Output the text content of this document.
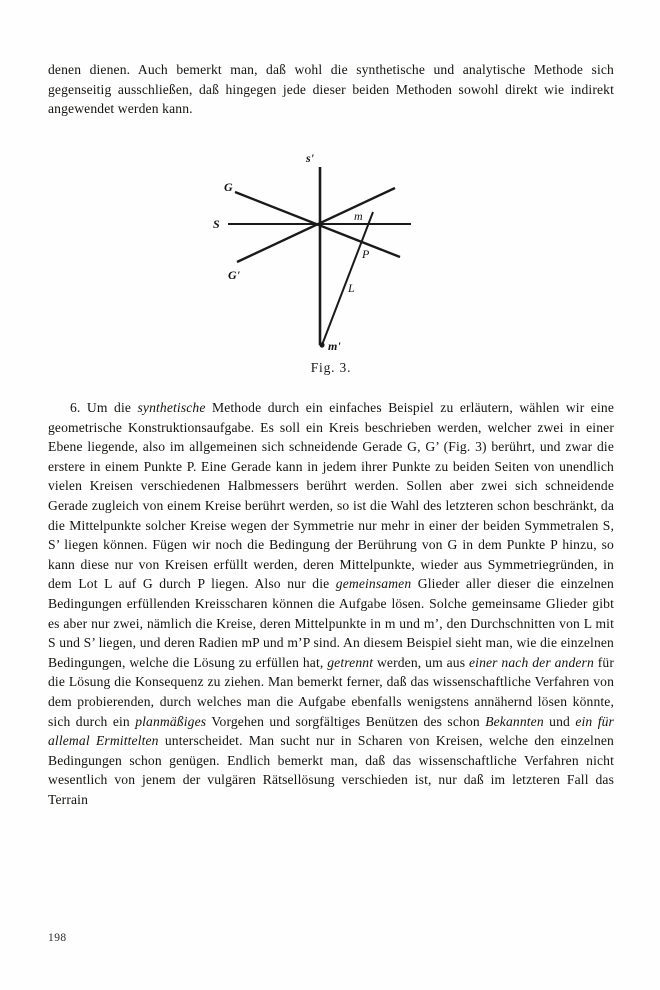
denen dienen. Auch bemerkt man, daß wohl die synthetische und analytische Methode sich gegenseitig ausschließen, daß hingegen jede dieser beiden Methoden sowohl direkt wie indirekt angewendet werden kann.

s'
G
S
G'
m
P
L
m'
Fig. 3.

6. Um die synthetische Methode durch ein einfaches Beispiel zu erläutern, wählen wir eine geometrische Konstruktionsaufgabe. Es soll ein Kreis beschrieben werden, welcher zwei in einer Ebene liegende, also im allgemeinen sich schneidende Gerade G, G’ (Fig. 3) berührt, und zwar die erstere in einem Punkte P. Eine Gerade kann in jedem ihrer Punkte zu beiden Seiten von unendlich vielen Kreisen verschiedenen Halbmessers berührt werden. Sollen aber zwei sich schneidende Gerade zugleich von einem Kreise berührt werden, so ist die Wahl des letzteren schon beschränkt, da die Mittelpunkte solcher Kreise wegen der Symmetrie nur mehr in einer der beiden Symmetralen S, S’ liegen können. Fügen wir noch die Bedingung der Berührung von G in dem Punkte P hinzu, so kann diese nur von Kreisen erfüllt werden, deren Mittelpunkte, wieder aus Symmetriegründen, in dem Lot L auf G durch P liegen. Also nur die gemeinsamen Glieder aller dieser die einzelnen Bedingungen erfüllenden Kreisscharen können die Aufgabe lösen. Solche gemeinsame Glieder gibt es aber nur zwei, nämlich die Kreise, deren Mittelpunkte in m und m’, den Durchschnitten von L mit S und S’ liegen, und deren Radien mP und m’P sind. An diesem Beispiel sieht man, wie die einzelnen Bedingungen, welche die Lösung zu erfüllen hat, getrennt werden, um aus einer nach der andern für die Lösung die Konsequenz zu ziehen. Man bemerkt ferner, daß das wissenschaftliche Verfahren von dem probierenden, durch welches man die Aufgabe ebenfalls wenigstens annähernd lösen könnte, sich durch ein planmäßiges Vorgehen und sorgfältiges Benützen des schon Bekannten und ein für allemal Ermittelten unterscheidet. Man sucht nur in Scharen von Kreisen, welche den einzelnen Bedingungen schon genügen. Endlich bemerkt man, daß das wissenschaftliche Verfahren nicht wesentlich von jenem der vulgären Rätsellösung verschieden ist, nur daß im letzteren Fall das Terrain

198
